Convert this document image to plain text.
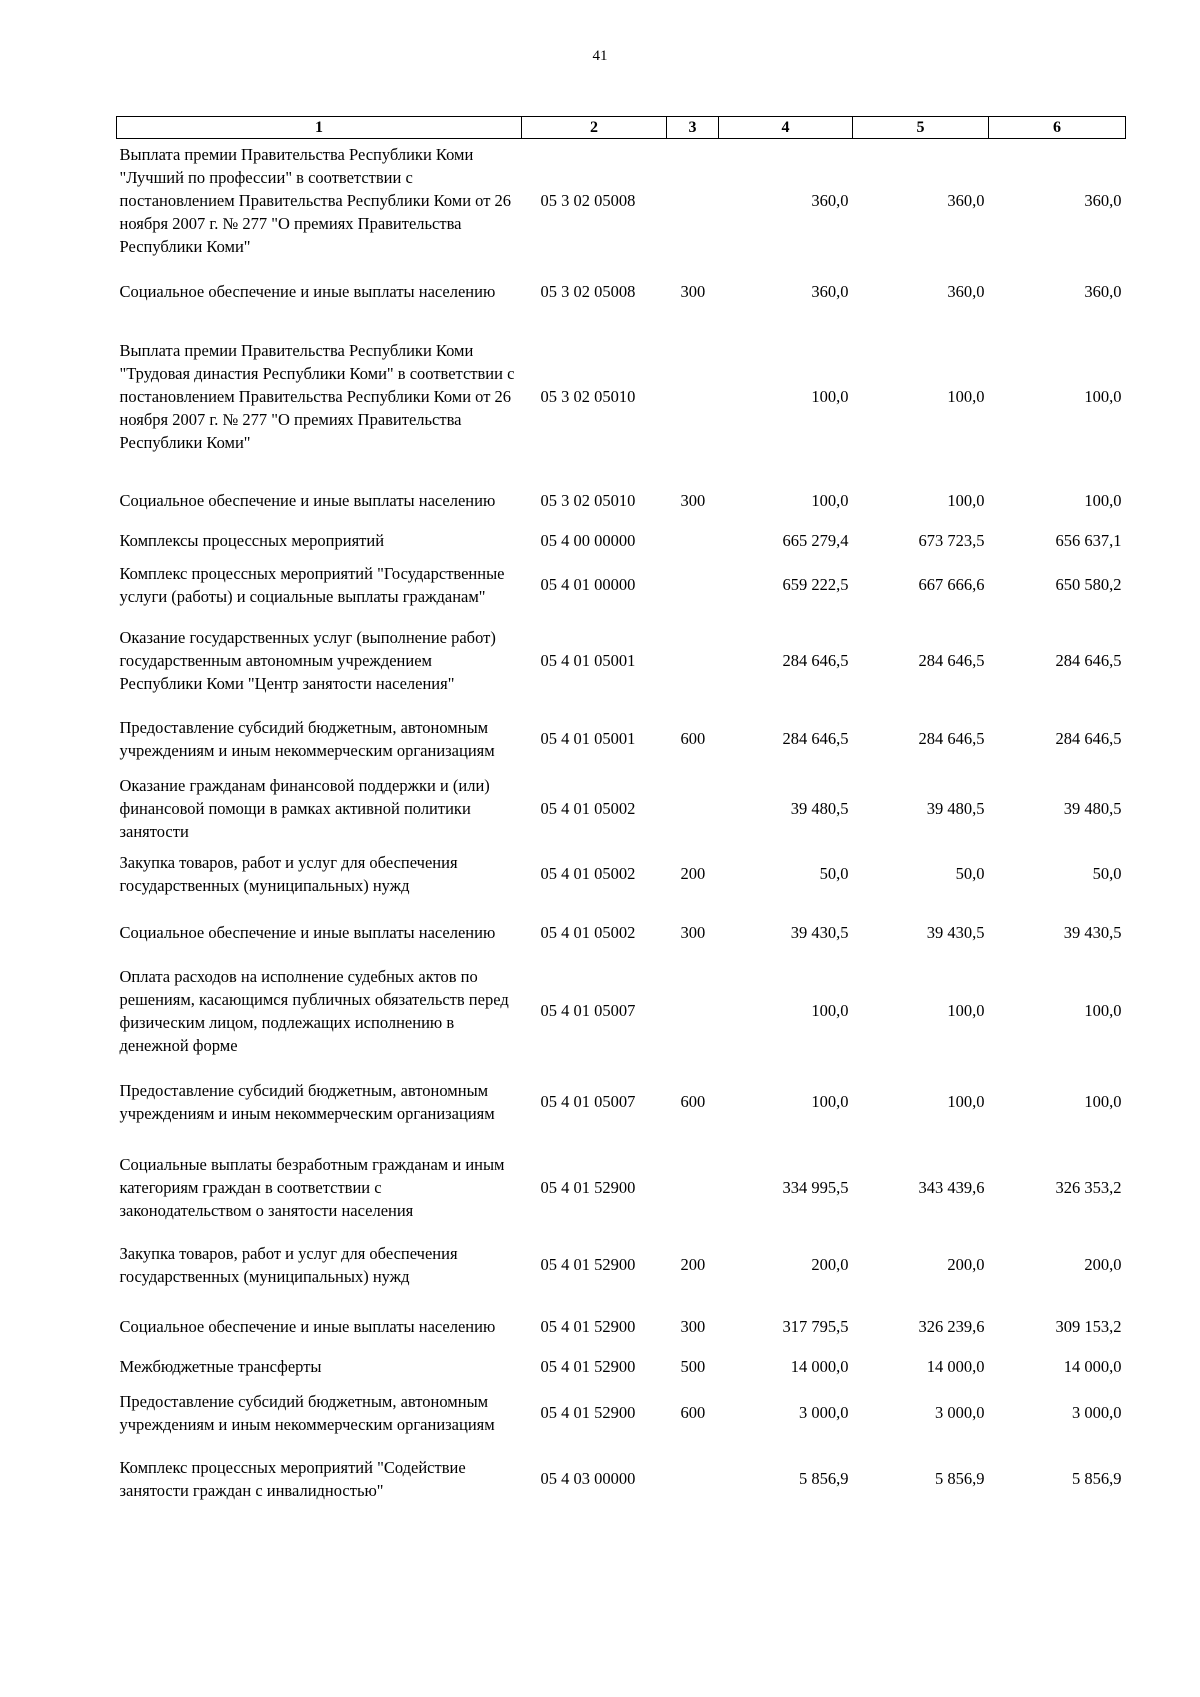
41
1	2	3	4	5	6
Выплата премии Правительства Республики Коми "Лучший по профессии" в соответствии с постановлением Правительства Республики Коми от 26 ноября 2007 г. № 277 "О премиях Правительства Республики Коми"	05 3 02 05008		360,0	360,0	360,0
Социальное обеспечение и иные выплаты населению	05 3 02 05008	300	360,0	360,0	360,0
Выплата премии Правительства Республики Коми "Трудовая династия Республики Коми" в соответствии с постановлением Правительства Республики Коми от 26 ноября 2007 г. № 277 "О премиях Правительства Республики Коми"	05 3 02 05010		100,0	100,0	100,0
Социальное обеспечение и иные выплаты населению	05 3 02 05010	300	100,0	100,0	100,0
Комплексы процессных мероприятий	05 4 00 00000		665 279,4	673 723,5	656 637,1
Комплекс процессных мероприятий "Государственные услуги (работы) и социальные выплаты гражданам"	05 4 01 00000		659 222,5	667 666,6	650 580,2
Оказание государственных услуг (выполнение работ) государственным автономным учреждением Республики Коми "Центр занятости населения"	05 4 01 05001		284 646,5	284 646,5	284 646,5
Предоставление субсидий бюджетным, автономным учреждениям и иным некоммерческим организациям	05 4 01 05001	600	284 646,5	284 646,5	284 646,5
Оказание гражданам финансовой поддержки и (или) финансовой помощи в рамках активной политики занятости	05 4 01 05002		39 480,5	39 480,5	39 480,5
Закупка товаров, работ и услуг для обеспечения государственных (муниципальных) нужд	05 4 01 05002	200	50,0	50,0	50,0
Социальное обеспечение и иные выплаты населению	05 4 01 05002	300	39 430,5	39 430,5	39 430,5
Оплата расходов на исполнение судебных актов по решениям, касающимся публичных обязательств перед физическим лицом, подлежащих исполнению в денежной форме	05 4 01 05007		100,0	100,0	100,0
Предоставление субсидий бюджетным, автономным учреждениям и иным некоммерческим организациям	05 4 01 05007	600	100,0	100,0	100,0
Социальные выплаты безработным гражданам и иным категориям граждан в соответствии с законодательством о занятости населения	05 4 01 52900		334 995,5	343 439,6	326 353,2
Закупка товаров, работ и услуг для обеспечения государственных (муниципальных) нужд	05 4 01 52900	200	200,0	200,0	200,0
Социальное обеспечение и иные выплаты населению	05 4 01 52900	300	317 795,5	326 239,6	309 153,2
Межбюджетные трансферты	05 4 01 52900	500	14 000,0	14 000,0	14 000,0
Предоставление субсидий бюджетным, автономным учреждениям и иным некоммерческим организациям	05 4 01 52900	600	3 000,0	3 000,0	3 000,0
Комплекс процессных мероприятий "Содействие занятости граждан с инвалидностью"	05 4 03 00000		5 856,9	5 856,9	5 856,9
